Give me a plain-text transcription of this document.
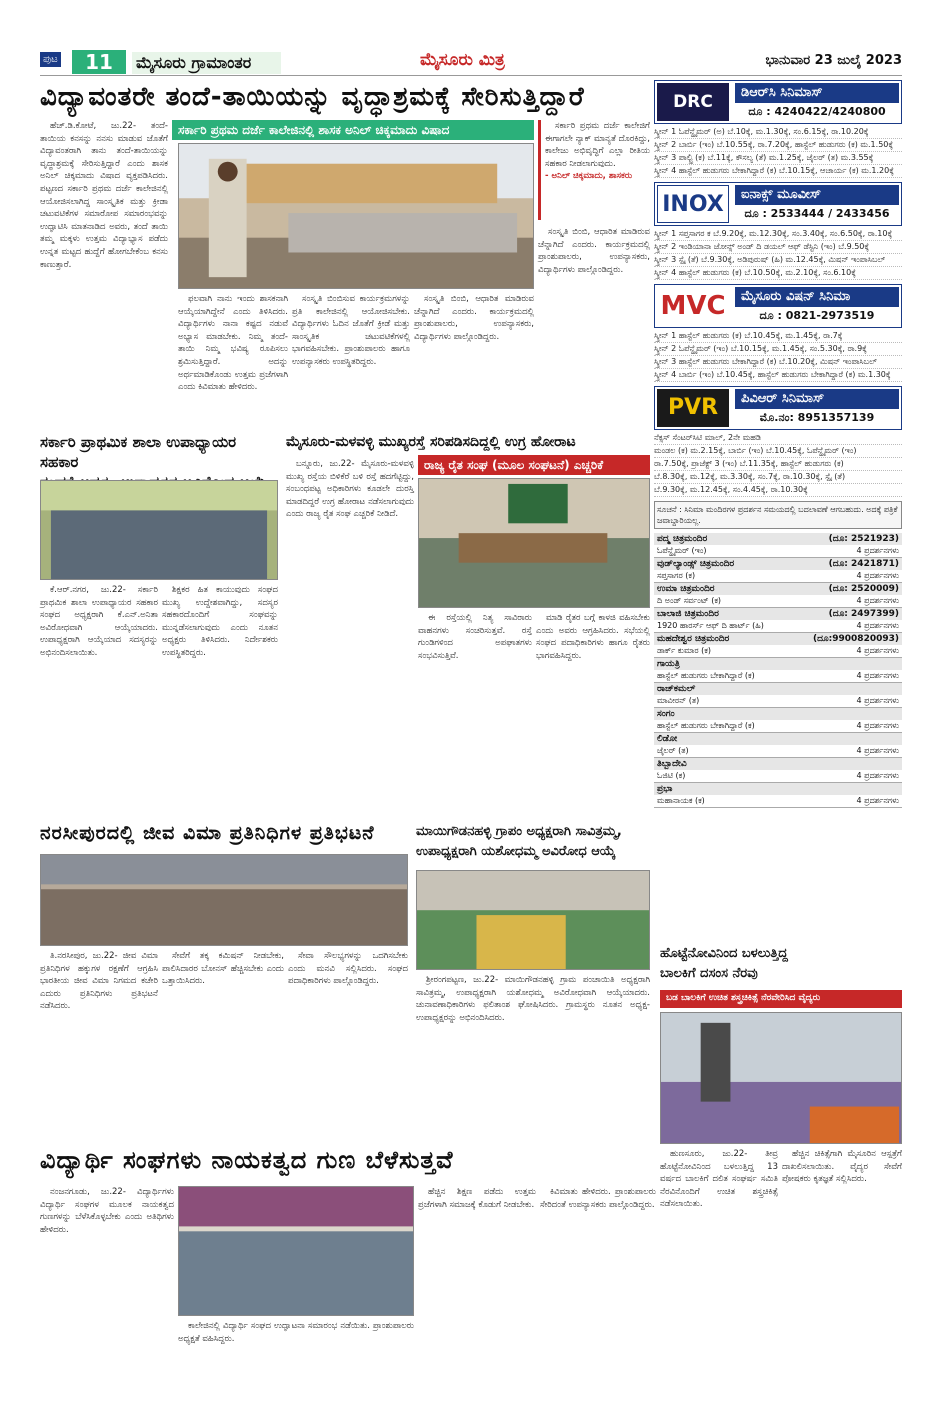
ಪುಟ	11	ಮೈಸೂರು ಗ್ರಾಮಾಂತರ	ಮೈಸೂರು ಮಿತ್ರ	ಭಾನುವಾರ 23 ಜುಲೈ 2023
ವಿದ್ಯಾವಂತರೇ ತಂದೆ-ತಾಯಿಯನ್ನು ವೃದ್ಧಾಶ್ರಮಕ್ಕೆ ಸೇರಿಸುತ್ತಿದ್ದಾರೆ
ಸರ್ಕಾರಿ ಪ್ರಥಮ ದರ್ಜೆ ಕಾಲೇಜಿನಲ್ಲಿ ಶಾಸಕ ಅನಿಲ್ ಚಿಕ್ಕಮಾದು ವಿಷಾದ

ಹೆಚ್.ಡಿ.ಕೋಟೆ, ಜು.22- ತಂದೆ-ತಾಯಿಯ ಕನಸನ್ನು ನನಸು ಮಾಡುವ ಜೊತೆಗೆ ವಿದ್ಯಾವಂತರಾಗಿ ತಾನು ತಂದೆ-ತಾಯಿಯನ್ನು ವೃದ್ಧಾಶ್ರಮಕ್ಕೆ ಸೇರಿಸುತ್ತಿದ್ದಾರೆ ಎಂದು ಶಾಸಕ ಅನಿಲ್ ಚಿಕ್ಕಮಾದು ವಿಷಾದ ವ್ಯಕ್ತಪಡಿಸಿದರು. ಪಟ್ಟಣದ ಸರ್ಕಾರಿ ಪ್ರಥಮ ದರ್ಜೆ ಕಾಲೇಜಿನಲ್ಲಿ ಆಯೋಜಿಸಲಾಗಿದ್ದ ಸಾಂಸ್ಕೃತಿಕ ಮತ್ತು ಕ್ರೀಡಾ ಚಟುವಟಿಕೆಗಳ ಸಮಾರೋಪ ಸಮಾರಂಭವನ್ನು ಉದ್ಘಾಟಿಸಿ ಮಾತನಾಡಿದ ಅವರು, ತಂದೆ ತಾಯಿ ತಮ್ಮ ಮಕ್ಕಳು ಉತ್ತಮ ವಿದ್ಯಾಭ್ಯಾಸ ಪಡೆದು ಉನ್ನತ ಮಟ್ಟದ ಹುದ್ದೆಗೆ ಹೋಗಬೇಕೆಂಬ ಕನಸು ಕಾಣುತ್ತಾರೆ.

ಫಲವಾಗಿ ನಾನು ಇಂದು ಶಾಸಕನಾಗಿ ಆಯ್ಕೆಯಾಗಿದ್ದೇನೆ ಎಂದು ತಿಳಿಸಿದರು. ವಿದ್ಯಾರ್ಥಿಗಳು ನಾನಾ ಕಷ್ಟದ ನಡುವೆ ಅಭ್ಯಾಸ ಮಾಡಬೇಕು. ನಿಮ್ಮ ತಂದೆ-ತಾಯಿ ನಿಮ್ಮ ಭವಿಷ್ಯ ರೂಪಿಸಲು ಶ್ರಮಿಸುತ್ತಿದ್ದಾರೆ. ಅದನ್ನು ಅರ್ಥಮಾಡಿಕೊಂಡು ಉತ್ತಮ ಪ್ರಜೆಗಳಾಗಿ ಎಂದು ಕಿವಿಮಾತು ಹೇಳಿದರು.

ಸಂಸ್ಕೃತಿ ಬಿಂಬಿಸುವ ಕಾರ್ಯಕ್ರಮಗಳನ್ನು ಪ್ರತಿ ಕಾಲೇಜಿನಲ್ಲಿ ಆಯೋಜಿಸಬೇಕು. ವಿದ್ಯಾರ್ಥಿಗಳು ಓದಿನ ಜೊತೆಗೆ ಕ್ರೀಡೆ ಮತ್ತು ಸಾಂಸ್ಕೃತಿಕ ಚಟುವಟಿಕೆಗಳಲ್ಲಿ ಭಾಗವಹಿಸಬೇಕು. ಪ್ರಾಂಶುಪಾಲರು ಹಾಗೂ ಉಪನ್ಯಾಸಕರು ಉಪಸ್ಥಿತರಿದ್ದರು.

ಸಂಸ್ಕೃತಿ ಬಿಂಬಿ, ಆಧಾರಿತ ಮಾಡಿರುವ ಚೆನ್ನಾಗಿದೆ ಎಂದರು. ಕಾರ್ಯಕ್ರಮದಲ್ಲಿ ಪ್ರಾಂಶುಪಾಲರು, ಉಪನ್ಯಾಸಕರು, ವಿದ್ಯಾರ್ಥಿಗಳು ಪಾಲ್ಗೊಂಡಿದ್ದರು.

ಸರ್ಕಾರಿ ಪ್ರಥಮ ದರ್ಜೆ ಕಾಲೇಜಿಗೆ ಈಗಾಗಲೇ ನ್ಯಾಕ್ ಮಾನ್ಯತೆ ದೊರಕಿದ್ದು, ಕಾಲೇಜು ಅಭಿವೃದ್ಧಿಗೆ ಎಲ್ಲಾ ರೀತಿಯ ಸಹಕಾರ ನೀಡಲಾಗುವುದು.

- ಅನಿಲ್ ಚಿಕ್ಕಮಾದು, ಶಾಸಕರು

ಸಂಸ್ಕೃತಿ ಬಿಂಬಿ, ಆಧಾರಿತ ಮಾಡಿರುವ ಚೆನ್ನಾಗಿದೆ ಎಂದರು. ಕಾರ್ಯಕ್ರಮದಲ್ಲಿ ಪ್ರಾಂಶುಪಾಲರು, ಉಪನ್ಯಾಸಕರು, ವಿದ್ಯಾರ್ಥಿಗಳು ಪಾಲ್ಗೊಂಡಿದ್ದರು.

ಸರ್ಕಾರಿ ಪ್ರಾಥಮಿಕ ಶಾಲಾ ಉಪಾಧ್ಯಾಯರ ಸಹಕಾರ

ಕೆ.ಆರ್.ನಗರ, ಜು.22- ಸರ್ಕಾರಿ ಪ್ರಾಥಮಿಕ ಶಾಲಾ ಉಪಾಧ್ಯಾಯರ ಸಹಕಾರ ಸಂಘದ ಅಧ್ಯಕ್ಷರಾಗಿ ಕೆ.ಎನ್.ಅನಿತಾ ಅವಿರೋಧವಾಗಿ ಆಯ್ಕೆಯಾದರು. ಉಪಾಧ್ಯಕ್ಷರಾಗಿ ಆಯ್ಕೆಯಾದ ಸದಸ್ಯರನ್ನು ಅಭಿನಂದಿಸಲಾಯಿತು.

ಶಿಕ್ಷಕರ ಹಿತ ಕಾಯುವುದು ಸಂಘದ ಮುಖ್ಯ ಉದ್ದೇಶವಾಗಿದ್ದು, ಸದಸ್ಯರ ಸಹಕಾರದೊಂದಿಗೆ ಸಂಘವನ್ನು ಮುನ್ನಡೆಸಲಾಗುವುದು ಎಂದು ನೂತನ ಅಧ್ಯಕ್ಷರು ತಿಳಿಸಿದರು. ನಿರ್ದೇಶಕರು ಉಪಸ್ಥಿತರಿದ್ದರು.

ಮೈಸೂರು-ಮಳವಳ್ಳಿ ಮುಖ್ಯರಸ್ತೆ ಸರಿಪಡಿಸದಿದ್ದಲ್ಲಿ ಉಗ್ರ ಹೋರಾಟ
ರಾಜ್ಯ ರೈತ ಸಂಘ (ಮೂಲ ಸಂಘಟನೆ) ಎಚ್ಚರಿಕೆ

ಬನ್ನೂರು, ಜು.22- ಮೈಸೂರು-ಮಳವಳ್ಳಿ ಮುಖ್ಯ ರಸ್ತೆಯ ಬಿಳಿಕೆರೆ ಬಳಿ ರಸ್ತೆ ಹದಗೆಟ್ಟಿದ್ದು, ಸಂಬಂಧಪಟ್ಟ ಅಧಿಕಾರಿಗಳು ಕೂಡಲೇ ದುರಸ್ತಿ ಮಾಡದಿದ್ದರೆ ಉಗ್ರ ಹೋರಾಟ ನಡೆಸಲಾಗುವುದು ಎಂದು ರಾಜ್ಯ ರೈತ ಸಂಘ ಎಚ್ಚರಿಕೆ ನೀಡಿದೆ.

ಈ ರಸ್ತೆಯಲ್ಲಿ ನಿತ್ಯ ಸಾವಿರಾರು ವಾಹನಗಳು ಸಂಚರಿಸುತ್ತವೆ. ರಸ್ತೆ ಗುಂಡಿಗಳಿಂದ ಅಪಘಾತಗಳು ಸಂಭವಿಸುತ್ತಿವೆ.

ಮಾಡಿ ರೈತರ ಬಗ್ಗೆ ಕಾಳಜಿ ವಹಿಸಬೇಕು ಎಂದು ಅವರು ಆಗ್ರಹಿಸಿದರು. ಸಭೆಯಲ್ಲಿ ಸಂಘದ ಪದಾಧಿಕಾರಿಗಳು ಹಾಗೂ ರೈತರು ಭಾಗವಹಿಸಿದ್ದರು.

ನರಸೀಪುರದಲ್ಲಿ ಜೀವ ವಿಮಾ ಪ್ರತಿನಿಧಿಗಳ ಪ್ರತಿಭಟನೆ

ತಿ.ನರಸೀಪುರ, ಜು.22- ಜೀವ ವಿಮಾ ಪ್ರತಿನಿಧಿಗಳ ಹಕ್ಕುಗಳ ರಕ್ಷಣೆಗೆ ಆಗ್ರಹಿಸಿ ಭಾರತೀಯ ಜೀವ ವಿಮಾ ನಿಗಮದ ಕಚೇರಿ ಎದುರು ಪ್ರತಿನಿಧಿಗಳು ಪ್ರತಿಭಟನೆ ನಡೆಸಿದರು.

ಸೇವೆಗೆ ತಕ್ಕ ಕಮಿಷನ್ ನೀಡಬೇಕು, ಪಾಲಿಸಿದಾರರ ಬೋನಸ್ ಹೆಚ್ಚಿಸಬೇಕು ಎಂದು ಒತ್ತಾಯಿಸಿದರು.

ಸೇವಾ ಸೌಲಭ್ಯಗಳನ್ನು ಒದಗಿಸಬೇಕು ಎಂದು ಮನವಿ ಸಲ್ಲಿಸಿದರು. ಸಂಘದ ಪದಾಧಿಕಾರಿಗಳು ಪಾಲ್ಗೊಂಡಿದ್ದರು.

ಮಾಯಿಗೌಡನಹಳ್ಳಿ ಗ್ರಾಪಂ ಅಧ್ಯಕ್ಷರಾಗಿ ಸಾವಿತ್ರಮ್ಮ,
ಉಪಾಧ್ಯಕ್ಷರಾಗಿ ಯಶೋಧಮ್ಮ ಅವಿರೋಧ ಆಯ್ಕೆ

ಶ್ರೀರಂಗಪಟ್ಟಣ, ಜು.22- ಮಾಯಿಗೌಡನಹಳ್ಳಿ ಗ್ರಾಮ ಪಂಚಾಯಿತಿ ಅಧ್ಯಕ್ಷರಾಗಿ ಸಾವಿತ್ರಮ್ಮ, ಉಪಾಧ್ಯಕ್ಷರಾಗಿ ಯಶೋಧಮ್ಮ ಅವಿರೋಧವಾಗಿ ಆಯ್ಕೆಯಾದರು. ಚುನಾವಣಾಧಿಕಾರಿಗಳು ಫಲಿತಾಂಶ ಘೋಷಿಸಿದರು. ಗ್ರಾಮಸ್ಥರು ನೂತನ ಅಧ್ಯಕ್ಷ-ಉಪಾಧ್ಯಕ್ಷರನ್ನು ಅಭಿನಂದಿಸಿದರು.

ವಿದ್ಯಾರ್ಥಿ ಸಂಘಗಳು ನಾಯಕತ್ವದ ಗುಣ ಬೆಳೆಸುತ್ತವೆ

ನಂಜನಗೂಡು, ಜು.22- ವಿದ್ಯಾರ್ಥಿಗಳು ವಿದ್ಯಾರ್ಥಿ ಸಂಘಗಳ ಮೂಲಕ ನಾಯಕತ್ವದ ಗುಣಗಳನ್ನು ಬೆಳೆಸಿಕೊಳ್ಳಬೇಕು ಎಂದು ಅತಿಥಿಗಳು ಹೇಳಿದರು.

ಕಾಲೇಜಿನಲ್ಲಿ ವಿದ್ಯಾರ್ಥಿ ಸಂಘದ ಉದ್ಘಾಟನಾ ಸಮಾರಂಭ ನಡೆಯಿತು. ಪ್ರಾಂಶುಪಾಲರು ಅಧ್ಯಕ್ಷತೆ ವಹಿಸಿದ್ದರು.

ಹೆಚ್ಚಿನ ಶಿಕ್ಷಣ ಪಡೆದು ಉತ್ತಮ ಪ್ರಜೆಗಳಾಗಿ ಸಮಾಜಕ್ಕೆ ಕೊಡುಗೆ ನೀಡಬೇಕು.

ಕಿವಿಮಾತು ಹೇಳಿದರು. ಪ್ರಾಂಶುಪಾಲರು ಸೇರಿದಂತೆ ಉಪನ್ಯಾಸಕರು ಪಾಲ್ಗೊಂಡಿದ್ದರು.

DRC	ಡಿಆರ್‌ಸಿ ಸಿನಿಮಾಸ್
ದೂ : 4240422/4240800
ಸ್ಕ್ರೀನ್ 1 ಓಪೆನ್ಹೈಮರ್ (ಅ) ಬೆ.10ಕ್ಕೆ, ಮ.1.30ಕ್ಕೆ, ಸಂ.6.15ಕ್ಕೆ, ರಾ.10.20ಕ್ಕೆ
ಸ್ಕ್ರೀನ್ 2 ಬಾರ್ಬಿ (ಇಂ) ಬೆ.10.55ಕ್ಕೆ, ರಾ.7.20ಕ್ಕೆ, ಹಾಸ್ಟೆಲ್ ಹುಡುಗರು (ಕ) ಮ.1.50ಕ್ಕೆ
ಸ್ಕ್ರೀನ್ 3 ಪಾಲ್ಟ್ರಿ (ಕ) ಬೆ.11ಕ್ಕೆ, ಕೌಸಲ್ಯ (ತೆ) ಮ.1.25ಕ್ಕೆ, ಜೈಲರ್ (ತ) ಮ.3.55ಕ್ಕೆ
ಸ್ಕ್ರೀನ್ 4 ಹಾಸ್ಟೆಲ್ ಹುಡುಗರು ಬೇಕಾಗಿದ್ದಾರೆ (ಕ) ಬೆ.10.15ಕ್ಕೆ, ಆಚಾರ್ಯ (ಕ) ಮ.1.20ಕ್ಕೆ
INOX	ಐನಾಕ್ಸ್ ಮೂವೀಸ್
ದೂ : 2533444 / 2433456
ಸ್ಕ್ರೀನ್ 1 ಸಪ್ತಸಾಗರ ಕ ಬೆ.9.20ಕ್ಕೆ, ಮ.12.30ಕ್ಕೆ, ಸಂ.3.40ಕ್ಕೆ, ಸಂ.6.50ಕ್ಕೆ, ರಾ.10ಕ್ಕೆ
ಸ್ಕ್ರೀನ್ 2 ಇಂಡಿಯಾನಾ ಜೋನ್ಸ್ ಅಂಡ್ ದಿ ಡಯಲ್ ಆಫ್ ಡೆಸ್ಟಿನಿ (ಇಂ) ಬೆ.9.50ಕ್ಕೆ
ಸ್ಕ್ರೀನ್ 3 ಸ್ಪೈ (ತೆ) ಬೆ.9.30ಕ್ಕೆ, ಅಡಿಪುರುಷ್ (ಹಿ) ಮ.12.45ಕ್ಕೆ, ಮಿಷನ್ ಇಂಪಾಸಿಬಲ್
ಸ್ಕ್ರೀನ್ 4 ಹಾಸ್ಟೆಲ್ ಹುಡುಗರು (ಕ) ಬೆ.10.50ಕ್ಕೆ, ಮ.2.10ಕ್ಕೆ, ಸಂ.6.10ಕ್ಕೆ
MVC	ಮೈಸೂರು ವಿಷನ್ ಸಿನಿಮಾ
ದೂ : 0821-2973519
ಸ್ಕ್ರೀನ್ 1 ಹಾಸ್ಟೆಲ್ ಹುಡುಗರು (ಕ) ಬೆ.10.45ಕ್ಕೆ, ಮ.1.45ಕ್ಕೆ, ರಾ.7ಕ್ಕೆ
ಸ್ಕ್ರೀನ್ 2 ಓಪೆನ್ಹೈಮರ್ (ಇಂ) ಬೆ.10.15ಕ್ಕೆ, ಮ.1.45ಕ್ಕೆ, ಸಂ.5.30ಕ್ಕೆ, ರಾ.9ಕ್ಕೆ
ಸ್ಕ್ರೀನ್ 3 ಹಾಸ್ಟೆಲ್ ಹುಡುಗರು ಬೇಕಾಗಿದ್ದಾರೆ (ಕ) ಬೆ.10.20ಕ್ಕೆ, ಮಿಷನ್ ಇಂಪಾಸಿಬಲ್
ಸ್ಕ್ರೀನ್ 4 ಬಾರ್ಬಿ (ಇಂ) ಬೆ.10.45ಕ್ಕೆ, ಹಾಸ್ಟೆಲ್ ಹುಡುಗರು ಬೇಕಾಗಿದ್ದಾರೆ (ಕ) ಮ.1.30ಕ್ಕೆ
PVR	ಪಿವಿಆರ್ ಸಿನಿಮಾಸ್
ಮೊ.ನಂ: 8951357139
ನೆಕ್ಸಸ್ ಸೆಂಟರ್‌ಸಿಟಿ ಮಾಲ್, 2ನೇ ಮಹಡಿ
ಮಂಡಲ (ಕ) ಮ.2.15ಕ್ಕೆ, ಬಾರ್ಬಿ (ಇಂ) ಬೆ.10.45ಕ್ಕೆ, ಓಪೆನ್ಹೈಮರ್ (ಇಂ)
ರಾ.7.50ಕ್ಕೆ, ಪ್ರಾಜೆಕ್ಟ್ 3 (ಇಂ) ಬೆ.11.35ಕ್ಕೆ, ಹಾಸ್ಟೆಲ್ ಹುಡುಗರು (ಕ)
ಬೆ.8.30ಕ್ಕೆ, ಮ.12ಕ್ಕೆ, ಮ.3.30ಕ್ಕೆ, ಸಂ.7ಕ್ಕೆ, ರಾ.10.30ಕ್ಕೆ, ಸ್ಪೈ (ತೆ)
ಬೆ.9.30ಕ್ಕೆ, ಮ.12.45ಕ್ಕೆ, ಸಂ.4.45ಕ್ಕೆ, ರಾ.10.30ಕ್ಕೆ
ಸೂಚನೆ : ಸಿನಿಮಾ ಮಂದಿರಗಳ ಪ್ರದರ್ಶನ ಸಮಯದಲ್ಲಿ ಬದಲಾವಣೆ ಆಗಬಹುದು. ಅದಕ್ಕೆ ಪತ್ರಿಕೆ ಜವಾಬ್ದಾರಿಯಲ್ಲ.
ಪದ್ಮ ಚಿತ್ರಮಂದಿರ	(ದೂ: 2521923)
ಓಪೆನ್ಹೈಮರ್ (ಇಂ)	4 ಪ್ರದರ್ಶನಗಳು
ವುಡ್‌ಲ್ಯಾಂಡ್ಸ್ ಚಿತ್ರಮಂದಿರ	(ದೂ: 2421871)
ಸಪ್ತಸಾಗರ (ಕ)	4 ಪ್ರದರ್ಶನಗಳು
ಉಮಾ ಚಿತ್ರಮಂದಿರ	(ದೂ: 2520009)
ದಿ ಅಂಡ್ ಸರ್ವಂಟ್ (ಕ)	4 ಪ್ರದರ್ಶನಗಳು
ಬಾಲಾಜಿ ಚಿತ್ರಮಂದಿರ	(ದೂ: 2497399)
1920 ಹಾರರ್ಸ್ ಆಫ್ ದಿ ಹಾರ್ಟ್ (ಹಿ)	4 ಪ್ರದರ್ಶನಗಳು
ಮಹದೇಶ್ವರ ಚಿತ್ರಮಂದಿರ	(ದೂ:9900820093)
ಡಾರ್ಕ್ ಕುಮಾರ (ಕ)	4 ಪ್ರದರ್ಶನಗಳು
ಗಾಯತ್ರಿ
ಹಾಸ್ಟೆಲ್ ಹುಡುಗರು ಬೇಕಾಗಿದ್ದಾರೆ (ಕ)	4 ಪ್ರದರ್ಶನಗಳು
ರಾಜ್‌ಕಮಲ್
ಮಾವೀರನ್ (ತ)	4 ಪ್ರದರ್ಶನಗಳು
ಸಂಗಂ
ಹಾಸ್ಟೆಲ್ ಹುಡುಗರು ಬೇಕಾಗಿದ್ದಾರೆ (ಕ)	4 ಪ್ರದರ್ಶನಗಳು
ಲಿಡೋ
ಜೈಲರ್ (ತ)	4 ಪ್ರದರ್ಶನಗಳು
ತಿಬ್ಬಾದೇವಿ
ಓಜಿಟಿ (ಕ)	4 ಪ್ರದರ್ಶನಗಳು
ಪ್ರಭಾ
ಮಹಾನಾಯಕ (ಕ)	4 ಪ್ರದರ್ಶನಗಳು
ಹೊಟ್ಟೆನೋವಿನಿಂದ ಬಳಲುತ್ತಿದ್ದ
ಬಾಲಕಿಗೆ ದಸಂಸ ನೆರವು
ಬಡ ಬಾಲಕಿಗೆ ಉಚಿತ ಶಸ್ತ್ರಚಿಕಿತ್ಸೆ ನೆರವೇರಿಸಿದ ವೈದ್ಯರು

ಹುಣಸೂರು, ಜು.22- ತೀವ್ರ ಹೊಟ್ಟೆನೋವಿನಿಂದ ಬಳಲುತ್ತಿದ್ದ 13 ವರ್ಷದ ಬಾಲಕಿಗೆ ದಲಿತ ಸಂಘರ್ಷ ಸಮಿತಿ ನೆರವಿನೊಂದಿಗೆ ಉಚಿತ ಶಸ್ತ್ರಚಿಕಿತ್ಸೆ ನಡೆಸಲಾಯಿತು.

ಹೆಚ್ಚಿನ ಚಿಕಿತ್ಸೆಗಾಗಿ ಮೈಸೂರಿನ ಆಸ್ಪತ್ರೆಗೆ ದಾಖಲಿಸಲಾಯಿತು. ವೈದ್ಯರ ಸೇವೆಗೆ ಪೋಷಕರು ಕೃತಜ್ಞತೆ ಸಲ್ಲಿಸಿದರು.
